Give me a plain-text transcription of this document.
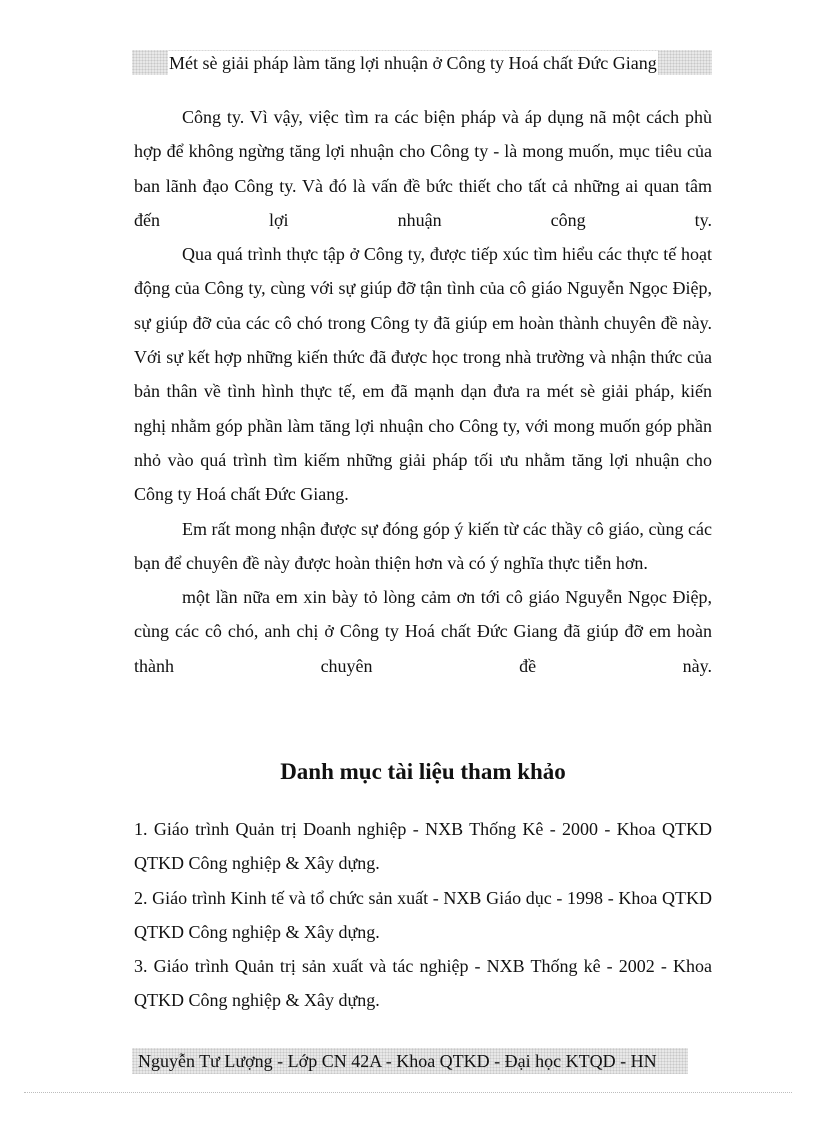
Mét sè giải pháp làm tăng lợi nhuận ở Công ty Hoá chất Đức Giang

Công ty. Vì vậy, việc tìm ra các biện pháp và áp dụng nã một cách phù hợp để không ngừng tăng lợi nhuận cho Công ty - là mong muốn, mục tiêu của ban lãnh đạo Công ty. Và đó là vấn đề bức thiết cho tất cả những ai quan tâm đến lợi nhuận công ty.

Qua quá trình thực tập ở Công ty, được tiếp xúc tìm hiểu các thực tế hoạt động của Công ty, cùng với sự giúp đỡ tận tình của cô giáo Nguyễn Ngọc Điệp, sự giúp đỡ của các cô chó trong Công ty đã giúp em hoàn thành chuyên đề này. Với sự kết hợp những kiến thức đã được học trong nhà trường và nhận thức của bản thân về tình hình thực tế, em đã mạnh dạn đưa ra mét sè giải pháp, kiến nghị nhằm góp phần làm tăng lợi nhuận cho Công ty, với mong muốn góp phần nhỏ vào quá trình tìm kiếm những giải pháp tối ưu nhằm tăng lợi nhuận cho Công ty Hoá chất Đức Giang.

Em rất mong nhận được sự đóng góp ý kiến từ các thầy cô giáo, cùng các bạn để chuyên đề này được hoàn thiện hơn và có ý nghĩa thực tiễn hơn.

một lần nữa em xin bày tỏ lòng cảm ơn tới cô giáo Nguyễn Ngọc Điệp, cùng các cô chó, anh chị ở Công ty Hoá chất Đức Giang đã giúp đỡ em hoàn thành chuyên đề này.

Danh mục tài liệu tham khảo

1. Giáo trình Quản trị Doanh nghiệp - NXB Thống Kê - 2000 - Khoa QTKD QTKD Công nghiệp & Xây dựng.

2. Giáo trình Kinh tế và tổ chức sản xuất - NXB Giáo dục - 1998 - Khoa QTKD QTKD Công nghiệp & Xây dựng.

3. Giáo trình Quản trị sản xuất và tác nghiệp - NXB Thống kê - 2002 - Khoa QTKD Công nghiệp & Xây dựng.

Nguyễn Tư Lượng - Lớp CN 42A - Khoa QTKD - Đại học KTQD - HN
